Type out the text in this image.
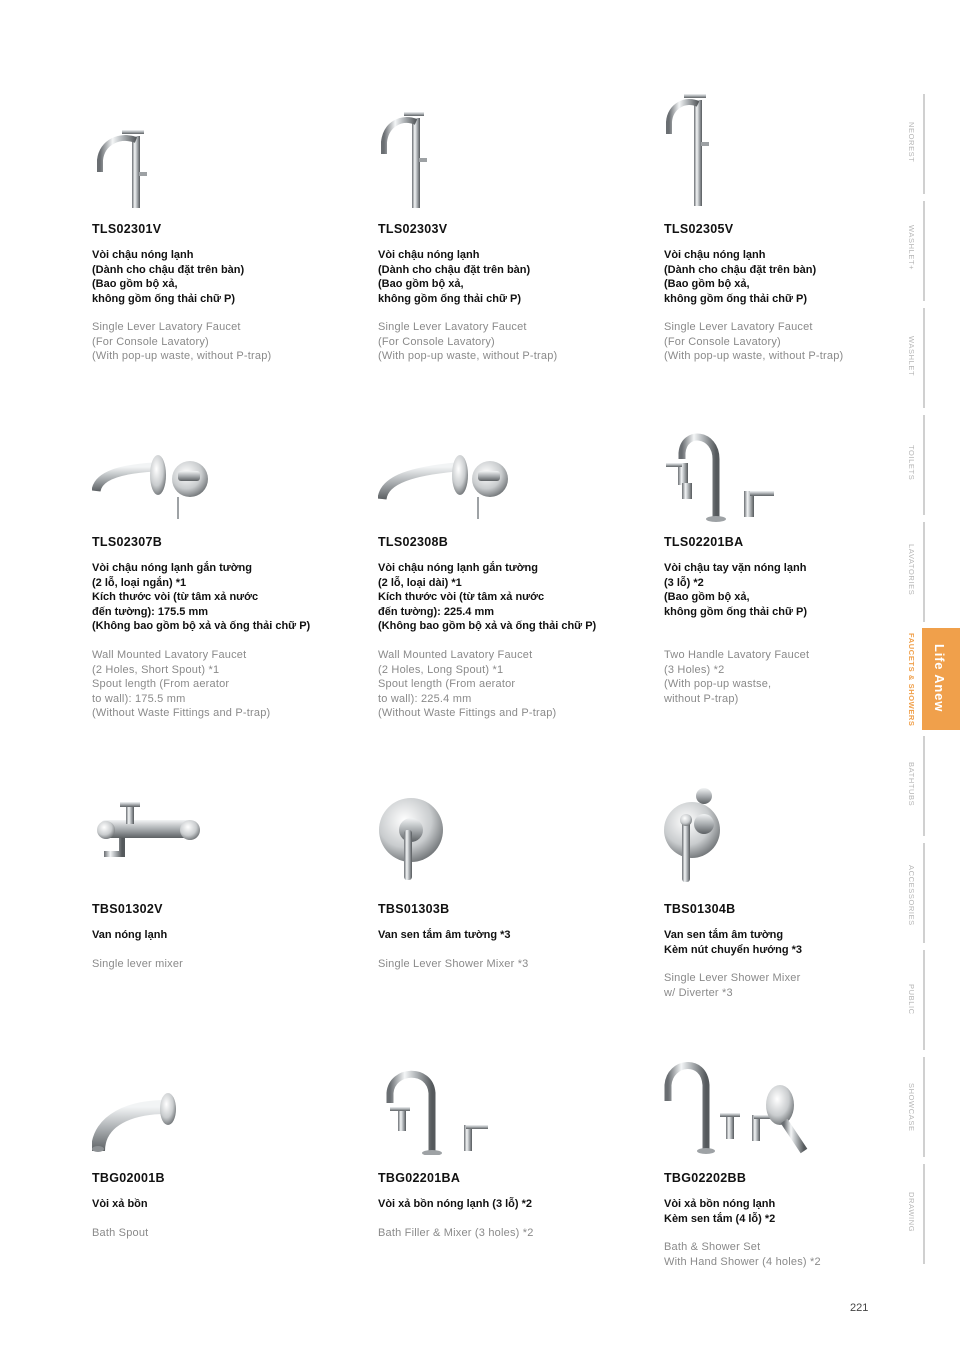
TLS02301V
Vòi chậu nóng lạnh
(Dành cho chậu đặt trên bàn)
(Bao gồm bộ xả,
không gồm ống thải chữ P)
Single Lever Lavatory Faucet
(For Console Lavatory)
(With pop-up waste, without P-trap)
TLS02303V
Vòi chậu nóng lạnh
(Dành cho chậu đặt trên bàn)
(Bao gồm bộ xả,
không gồm ống thải chữ P)
Single Lever Lavatory Faucet
(For Console Lavatory)
(With pop-up waste, without P-trap)
TLS02305V
Vòi chậu nóng lạnh
(Dành cho chậu đặt trên bàn)
(Bao gồm bộ xả,
không gồm ống thải chữ P)
Single Lever Lavatory Faucet
(For Console Lavatory)
(With pop-up waste, without P-trap)
TLS02307B
Vòi chậu nóng lạnh gắn tường
(2 lỗ, loại ngắn) *1
Kích thước vòi (từ tâm xả nước
đến tường): 175.5 mm
(Không bao gồm bộ xả và ống thải chữ P)
Wall Mounted Lavatory Faucet
(2 Holes, Short Spout) *1
Spout length (From aerator
to wall): 175.5 mm
(Without Waste Fittings and P-trap)
TLS02308B
Vòi chậu nóng lạnh gắn tường
(2 lỗ, loại dài) *1
Kích thước vòi (từ tâm xả nước
đến tường): 225.4 mm
(Không bao gồm bộ xả và ống thải chữ P)
Wall Mounted Lavatory Faucet
(2 Holes, Long Spout) *1
Spout length (From aerator
to wall): 225.4 mm
(Without Waste Fittings and P-trap)
TLS02201BA
Vòi chậu tay vặn nóng lạnh
(3 lỗ) *2
(Bao gồm bộ xả,
không gồm ống thải chữ P)
Two Handle Lavatory Faucet
(3 Holes) *2
(With pop-up wastse,
without P-trap)
TBS01302V
Van nóng lạnh
Single lever mixer
TBS01303B
Van sen tắm âm tường *3
Single Lever Shower Mixer *3
TBS01304B
Van sen tắm âm tường
Kèm nút chuyển hướng *3
Single Lever Shower Mixer
w/ Diverter *3
TBG02001B
Vòi xả bồn
Bath Spout
TBG02201BA
Vòi xả bồn nóng lạnh (3 lỗ) *2
Bath Filler & Mixer (3 holes) *2
TBG02202BB
Vòi xả bồn nóng lạnh
Kèm sen tắm (4 lỗ) *2
Bath & Shower Set
With Hand Shower (4 holes) *2
NEOREST
WASHLET+
WASHLET
TOILETS
LAVATORIES
FAUCETS & SHOWERS
BATHTUBS
ACCESSORIES
PUBLIC
SHOWCASE
DRAWING
Life Anew
221
